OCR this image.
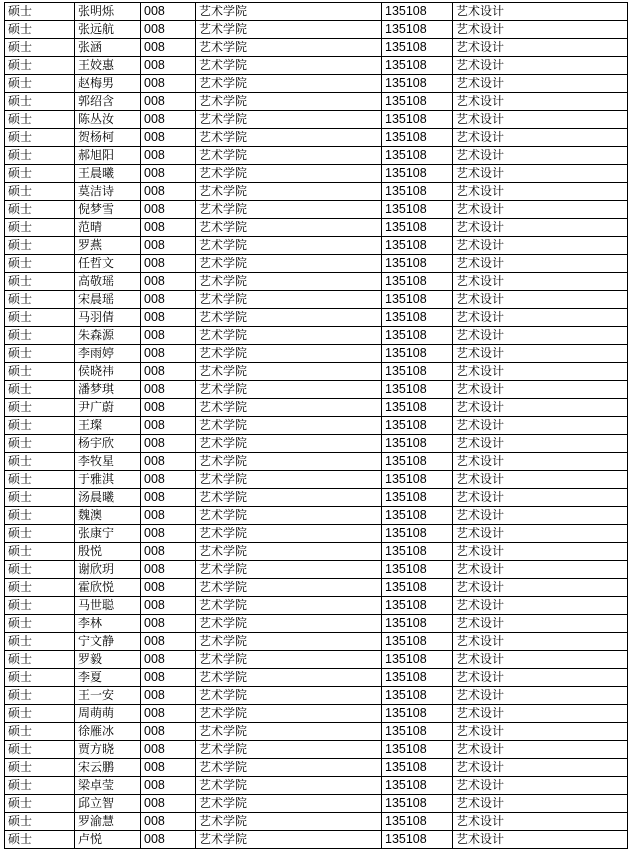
硕士	张明烁	008	艺术学院	135108	艺术设计
硕士	张远航	008	艺术学院	135108	艺术设计
硕士	张涵	008	艺术学院	135108	艺术设计
硕士	王姣惠	008	艺术学院	135108	艺术设计
硕士	赵梅男	008	艺术学院	135108	艺术设计
硕士	郭绍含	008	艺术学院	135108	艺术设计
硕士	陈丛汝	008	艺术学院	135108	艺术设计
硕士	贺杨柯	008	艺术学院	135108	艺术设计
硕士	郝旭阳	008	艺术学院	135108	艺术设计
硕士	王晨曦	008	艺术学院	135108	艺术设计
硕士	莫洁诗	008	艺术学院	135108	艺术设计
硕士	倪梦雪	008	艺术学院	135108	艺术设计
硕士	范晴	008	艺术学院	135108	艺术设计
硕士	罗燕	008	艺术学院	135108	艺术设计
硕士	任哲文	008	艺术学院	135108	艺术设计
硕士	高敬瑶	008	艺术学院	135108	艺术设计
硕士	宋晨瑶	008	艺术学院	135108	艺术设计
硕士	马羽倩	008	艺术学院	135108	艺术设计
硕士	朱森源	008	艺术学院	135108	艺术设计
硕士	李雨婷	008	艺术学院	135108	艺术设计
硕士	侯晓祎	008	艺术学院	135108	艺术设计
硕士	潘梦琪	008	艺术学院	135108	艺术设计
硕士	尹广蔚	008	艺术学院	135108	艺术设计
硕士	王璨	008	艺术学院	135108	艺术设计
硕士	杨宇欣	008	艺术学院	135108	艺术设计
硕士	李牧星	008	艺术学院	135108	艺术设计
硕士	于雅淇	008	艺术学院	135108	艺术设计
硕士	汤晨曦	008	艺术学院	135108	艺术设计
硕士	魏澳	008	艺术学院	135108	艺术设计
硕士	张康宁	008	艺术学院	135108	艺术设计
硕士	殷悦	008	艺术学院	135108	艺术设计
硕士	谢欣玥	008	艺术学院	135108	艺术设计
硕士	霍欣悦	008	艺术学院	135108	艺术设计
硕士	马世聪	008	艺术学院	135108	艺术设计
硕士	李林	008	艺术学院	135108	艺术设计
硕士	宁文静	008	艺术学院	135108	艺术设计
硕士	罗毅	008	艺术学院	135108	艺术设计
硕士	李夏	008	艺术学院	135108	艺术设计
硕士	王一安	008	艺术学院	135108	艺术设计
硕士	周萌萌	008	艺术学院	135108	艺术设计
硕士	徐雁冰	008	艺术学院	135108	艺术设计
硕士	贾方晓	008	艺术学院	135108	艺术设计
硕士	宋云鹏	008	艺术学院	135108	艺术设计
硕士	梁卓莹	008	艺术学院	135108	艺术设计
硕士	邱立智	008	艺术学院	135108	艺术设计
硕士	罗渝慧	008	艺术学院	135108	艺术设计
硕士	卢悦	008	艺术学院	135108	艺术设计
